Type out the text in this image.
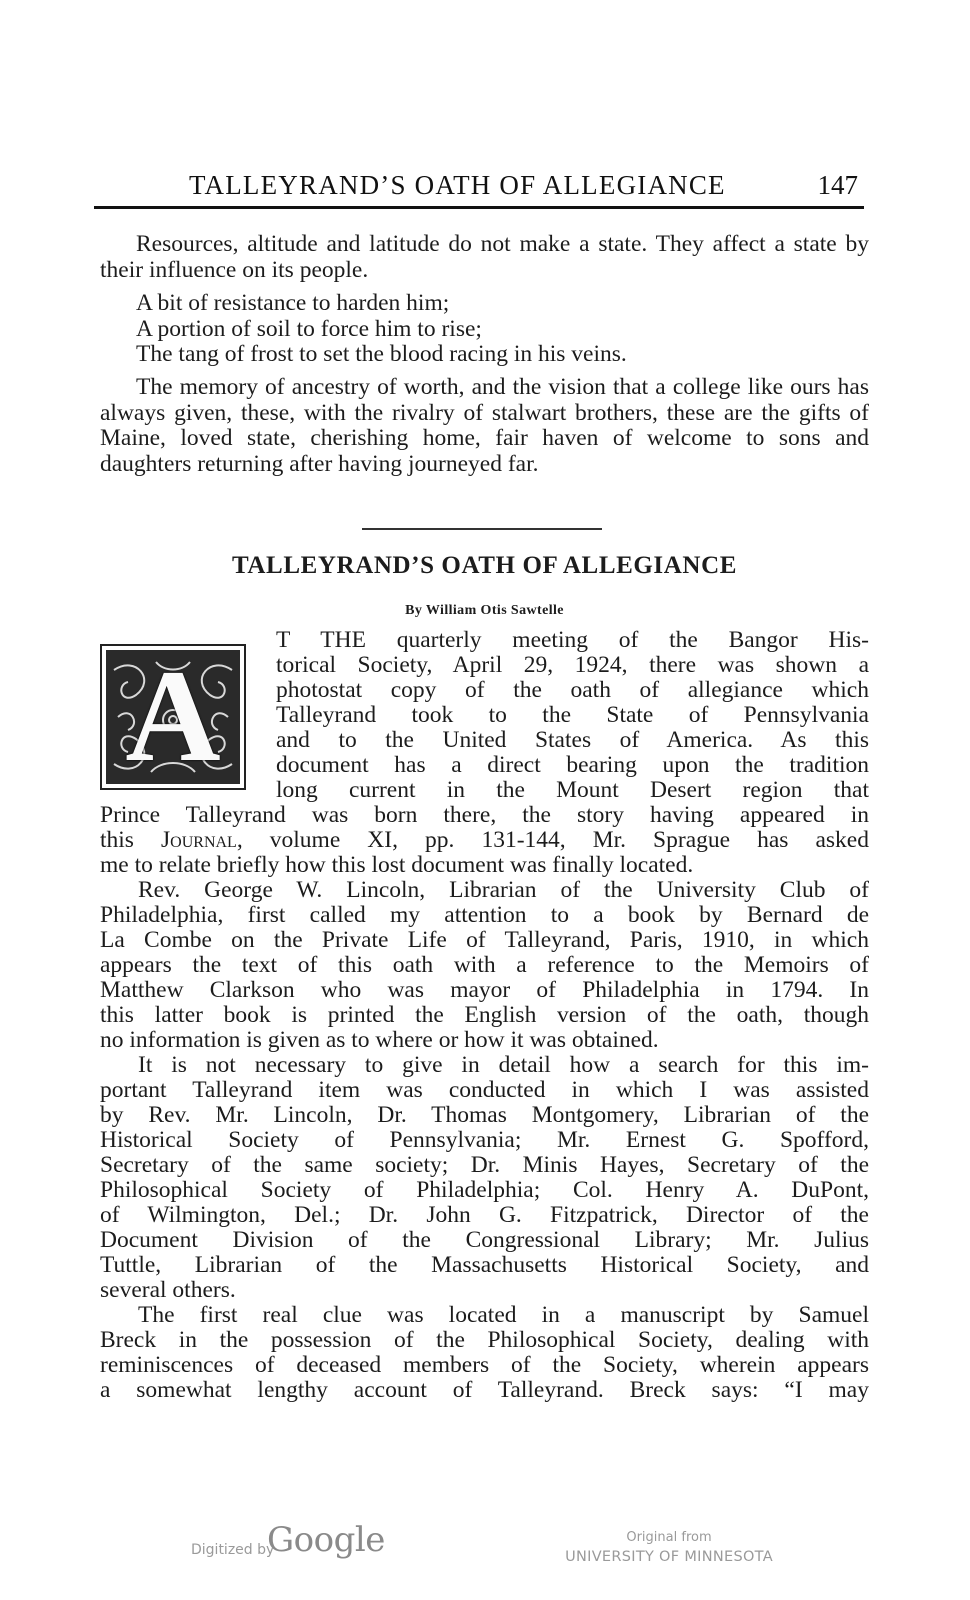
TALLEYRAND’S OATH OF ALLEGIANCE	147

Resources, altitude and latitude do not make a state. They affect a state by their influence on its people.

A bit of resistance to harden him;
A portion of soil to force him to rise;
The tang of frost to set the blood racing in his veins.

The memory of ancestry of worth, and the vision that a college like ours has always given, these, with the rivalry of stalwart brothers, these are the gifts of Maine, loved state, cherishing home, fair haven of welcome to sons and daughters returning after having journeyed far.

TALLEYRAND’S OATH OF ALLEGIANCE
By William Otis Sawtelle
A
T THE quarterly meeting of the Bangor His-
torical Society, April 29, 1924, there was shown a
photostat copy of the oath of allegiance which
Talleyrand took to the State of Pennsylvania
and to the United States of America. As this
document has a direct bearing upon the tradition
long current in the Mount Desert region that
Prince Talleyrand was born there, the story having appeared in
this Journal, volume XI, pp. 131-144, Mr. Sprague has asked
me to relate briefly how this lost document was finally located.
Rev. George W. Lincoln, Librarian of the University Club of
Philadelphia, first called my attention to a book by Bernard de
La Combe on the Private Life of Talleyrand, Paris, 1910, in which
appears the text of this oath with a reference to the Memoirs of
Matthew Clarkson who was mayor of Philadelphia in 1794. In
this latter book is printed the English version of the oath, though
no information is given as to where or how it was obtained.
It is not necessary to give in detail how a search for this im-
portant Talleyrand item was conducted in which I was assisted
by Rev. Mr. Lincoln, Dr. Thomas Montgomery, Librarian of the
Historical Society of Pennsylvania; Mr. Ernest G. Spofford,
Secretary of the same society; Dr. Minis Hayes, Secretary of the
Philosophical Society of Philadelphia; Col. Henry A. DuPont,
of Wilmington, Del.; Dr. John G. Fitzpatrick, Director of the
Document Division of the Congressional Library; Mr. Julius
Tuttle, Librarian of the Massachusetts Historical Society, and
several others.
The first real clue was located in a manuscript by Samuel
Breck in the possession of the Philosophical Society, dealing with
reminiscences of deceased members of the Society, wherein appears
a somewhat lengthy account of Talleyrand. Breck says: “I may
Digitized by
Google	Original from
UNIVERSITY OF MINNESOTA
